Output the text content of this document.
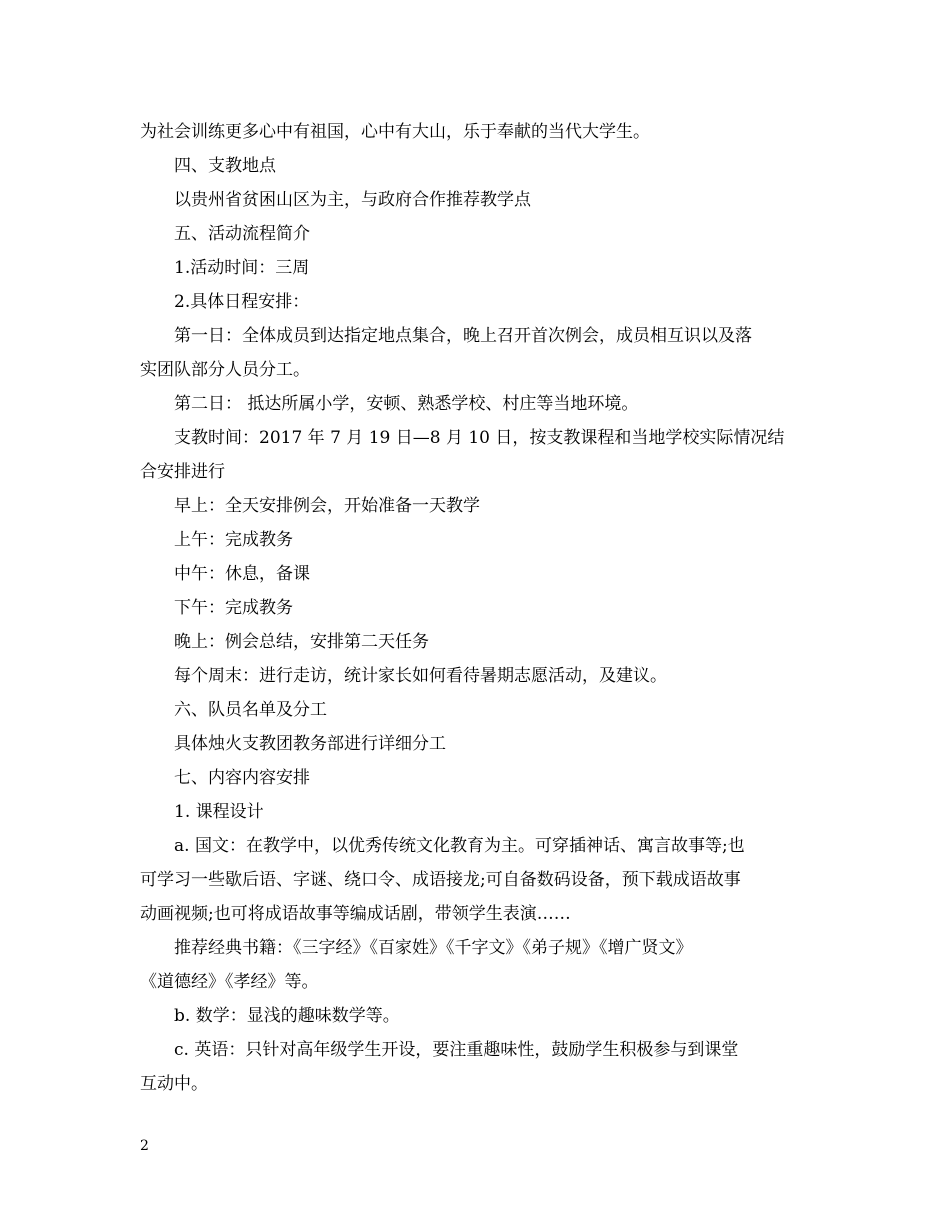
为社会训练更多心中有祖国，心中有大山，乐于奉献的当代大学生。
四、支教地点
以贵州省贫困山区为主，与政府合作推荐教学点
五、活动流程简介
1.活动时间：三周
2.具体日程安排：
第一日：全体成员到达指定地点集合，晚上召开首次例会，成员相互识以及落
实团队部分人员分工。
第二日： 抵达所属小学，安顿、熟悉学校、村庄等当地环境。
支教时间：2017 年 7 月 19 日—8 月 10 日，按支教课程和当地学校实际情况结
合安排进行
早上：全天安排例会，开始准备一天教学
上午：完成教务
中午：休息，备课
下午：完成教务
晚上：例会总结，安排第二天任务
每个周末：进行走访，统计家长如何看待暑期志愿活动，及建议。
六、队员名单及分工
具体烛火支教团教务部进行详细分工
七、内容内容安排
1. 课程设计
a. 国文：在教学中，以优秀传统文化教育为主。可穿插神话、寓言故事等;也
可学习一些歇后语、字谜、绕口令、成语接龙;可自备数码设备，预下载成语故事
动画视频;也可将成语故事等编成话剧，带领学生表演……
推荐经典书籍：《三字经》《百家姓》《千字文》《弟子规》《增广贤文》
《道德经》《孝经》等。
b. 数学：显浅的趣味数学等。
c. 英语：只针对高年级学生开设，要注重趣味性，鼓励学生积极参与到课堂
互动中。
2
